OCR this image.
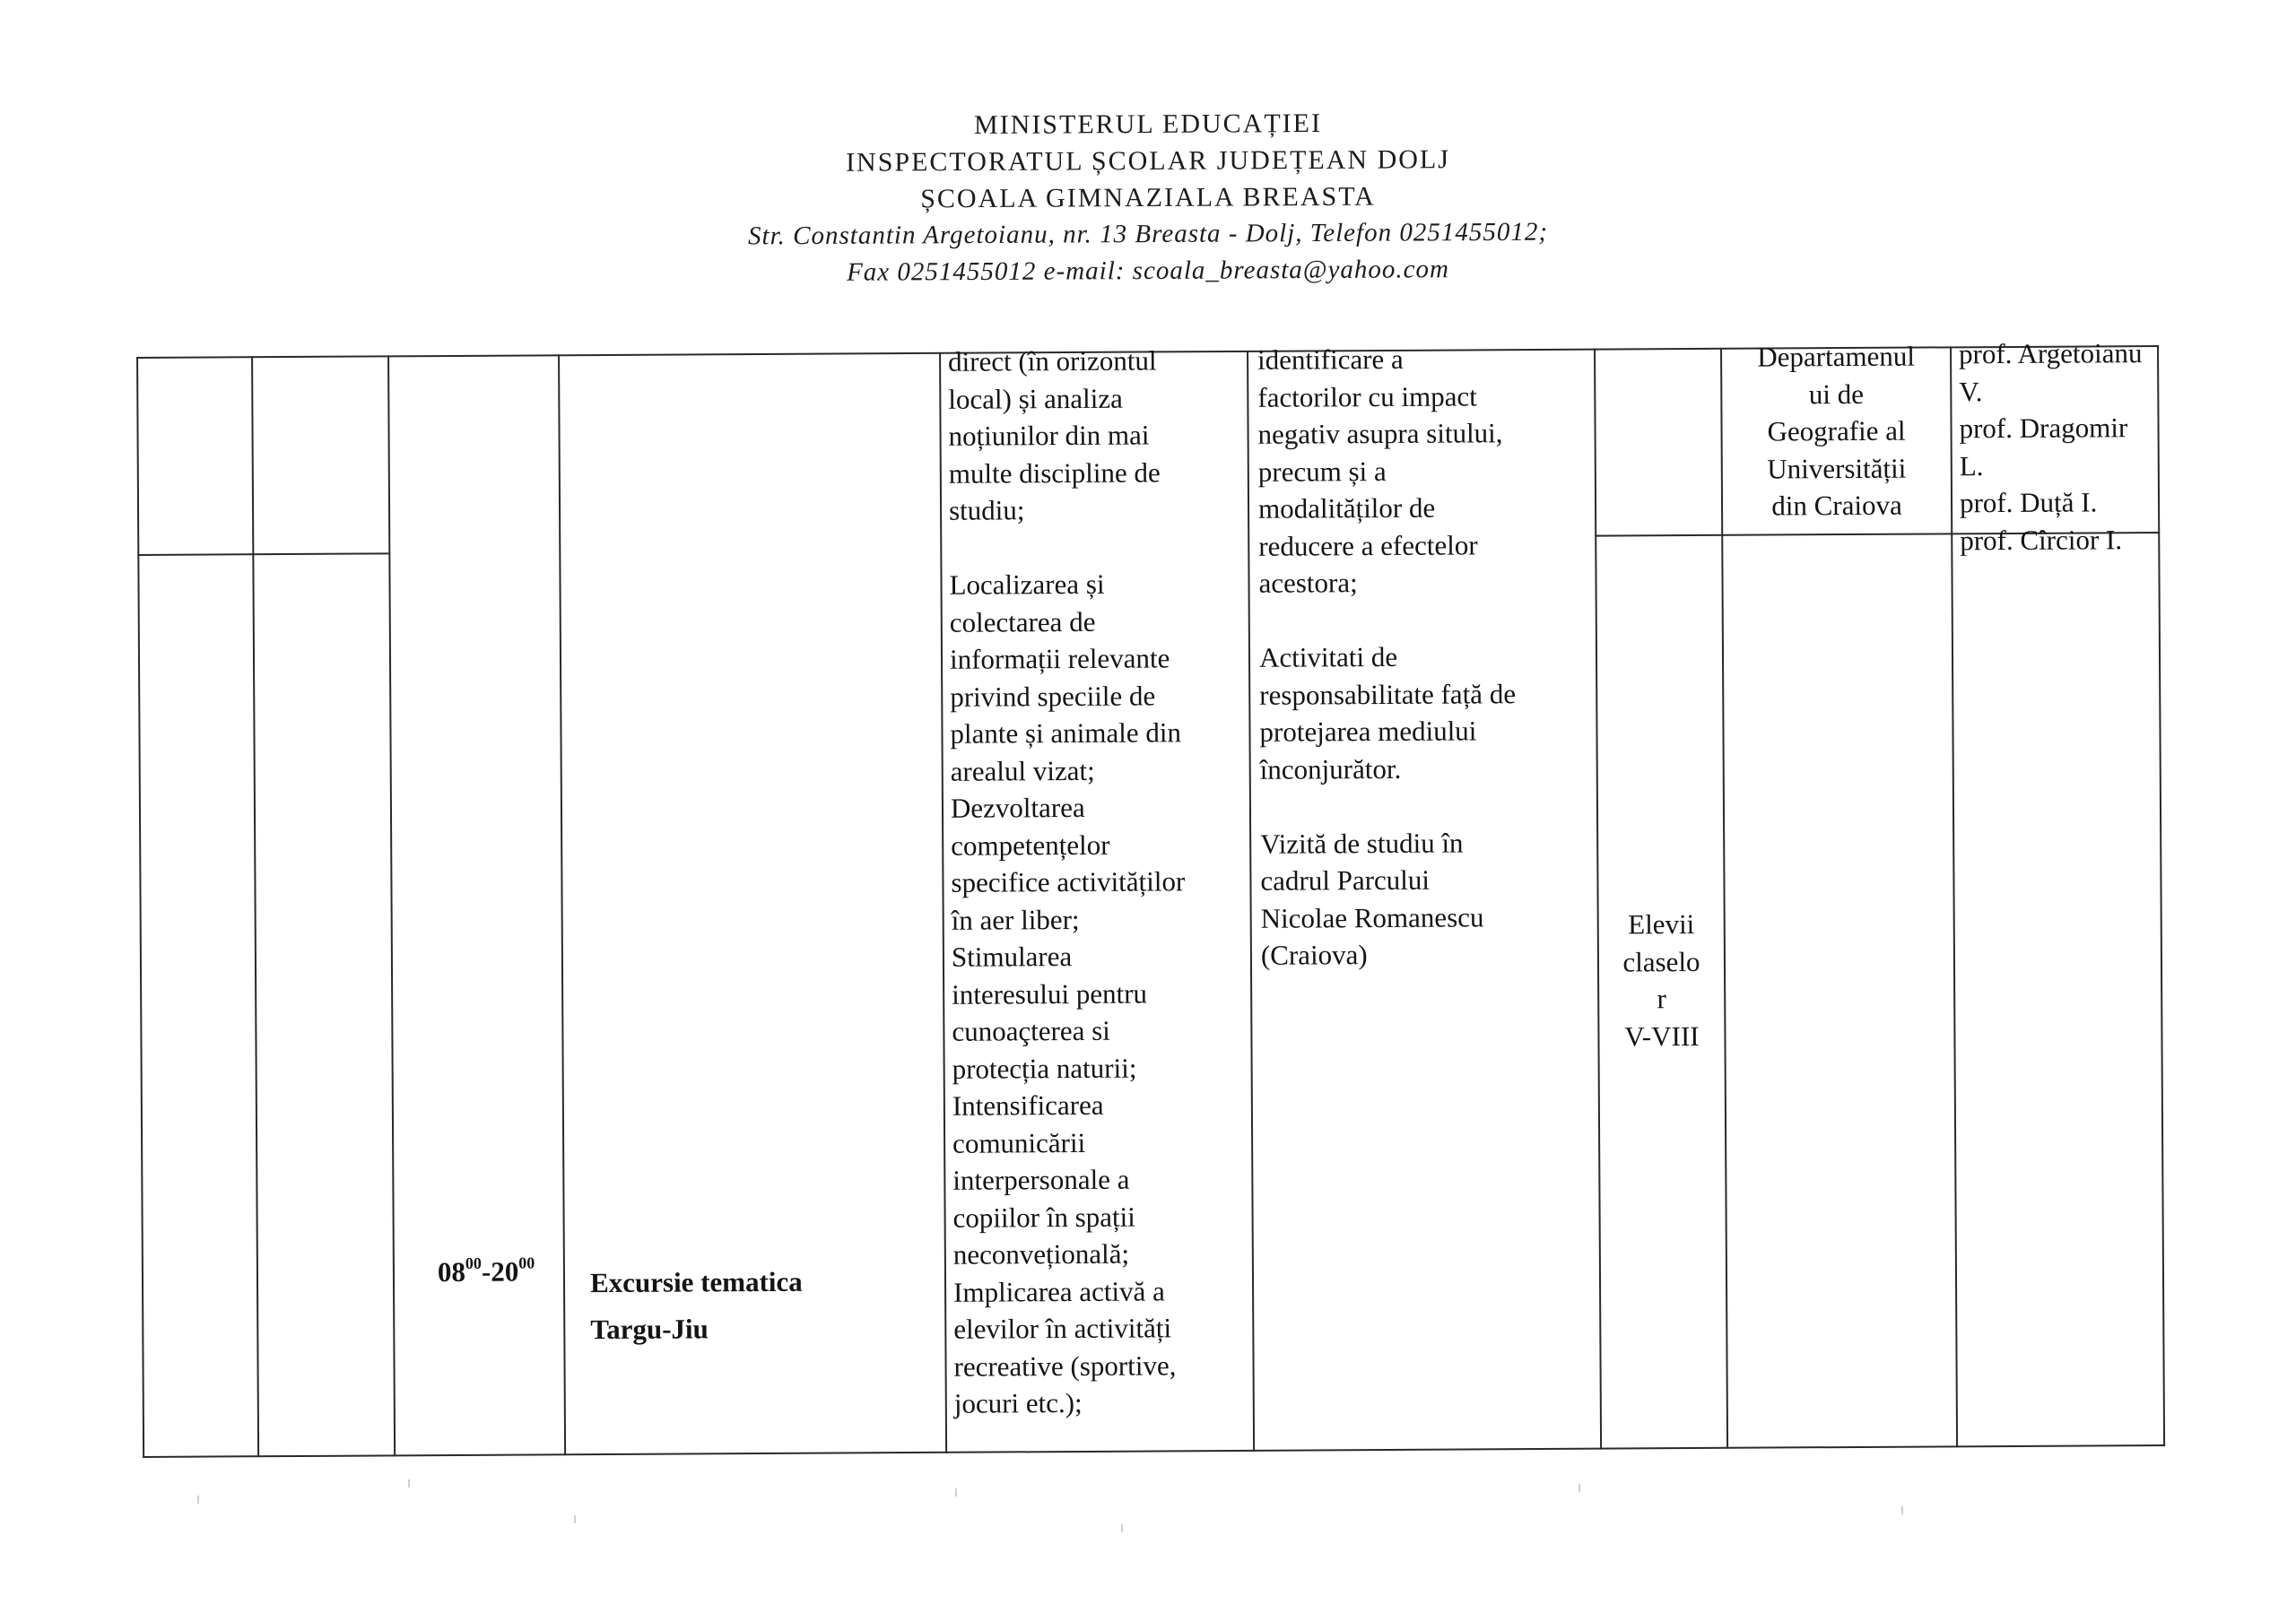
MINISTERUL EDUCAȚIEI
INSPECTORATUL ȘCOLAR JUDEȚEAN DOLJ
ȘCOALA GIMNAZIALA BREASTA
Str. Constantin Argetoianu, nr. 13 Breasta - Dolj, Telefon 0251455012;
Fax 0251455012 e-mail: scoala_breasta@yahoo.com
$08^{00}-20^{00}$
Excursie tematica
Targu-Jiu
direct (în orizontul
local) și analiza
noțiunilor din mai
multe discipline de
studiu;
Localizarea și
colectarea de
informații relevante
privind speciile de
plante și animale din
arealul vizat;
Dezvoltarea
competențelor
specifice activităților
în aer liber;
Stimularea
interesului pentru
cunoaçterea si
protecția naturii;
Intensificarea
comunicării
interpersonale a
copiilor în spații
neconvețională;
Implicarea activă a
elevilor în activități
recreative (sportive,
jocuri etc.);
identificare a
factorilor cu impact
negativ asupra sitului,
precum și a
modalităților de
reducere a efectelor
acestora;
Activitati de
responsabilitate față de
protejarea mediului
înconjurător.
Vizită de studiu în
cadrul Parcului
Nicolae Romanescu
(Craiova)
Elevii
claselo
r
V-VIII
Departamenul
ui de
Geografie al
Universității
din Craiova
prof. Argetoianu
V.
prof. Dragomir L.
prof. Duță I.
prof. Cîrcior I.
